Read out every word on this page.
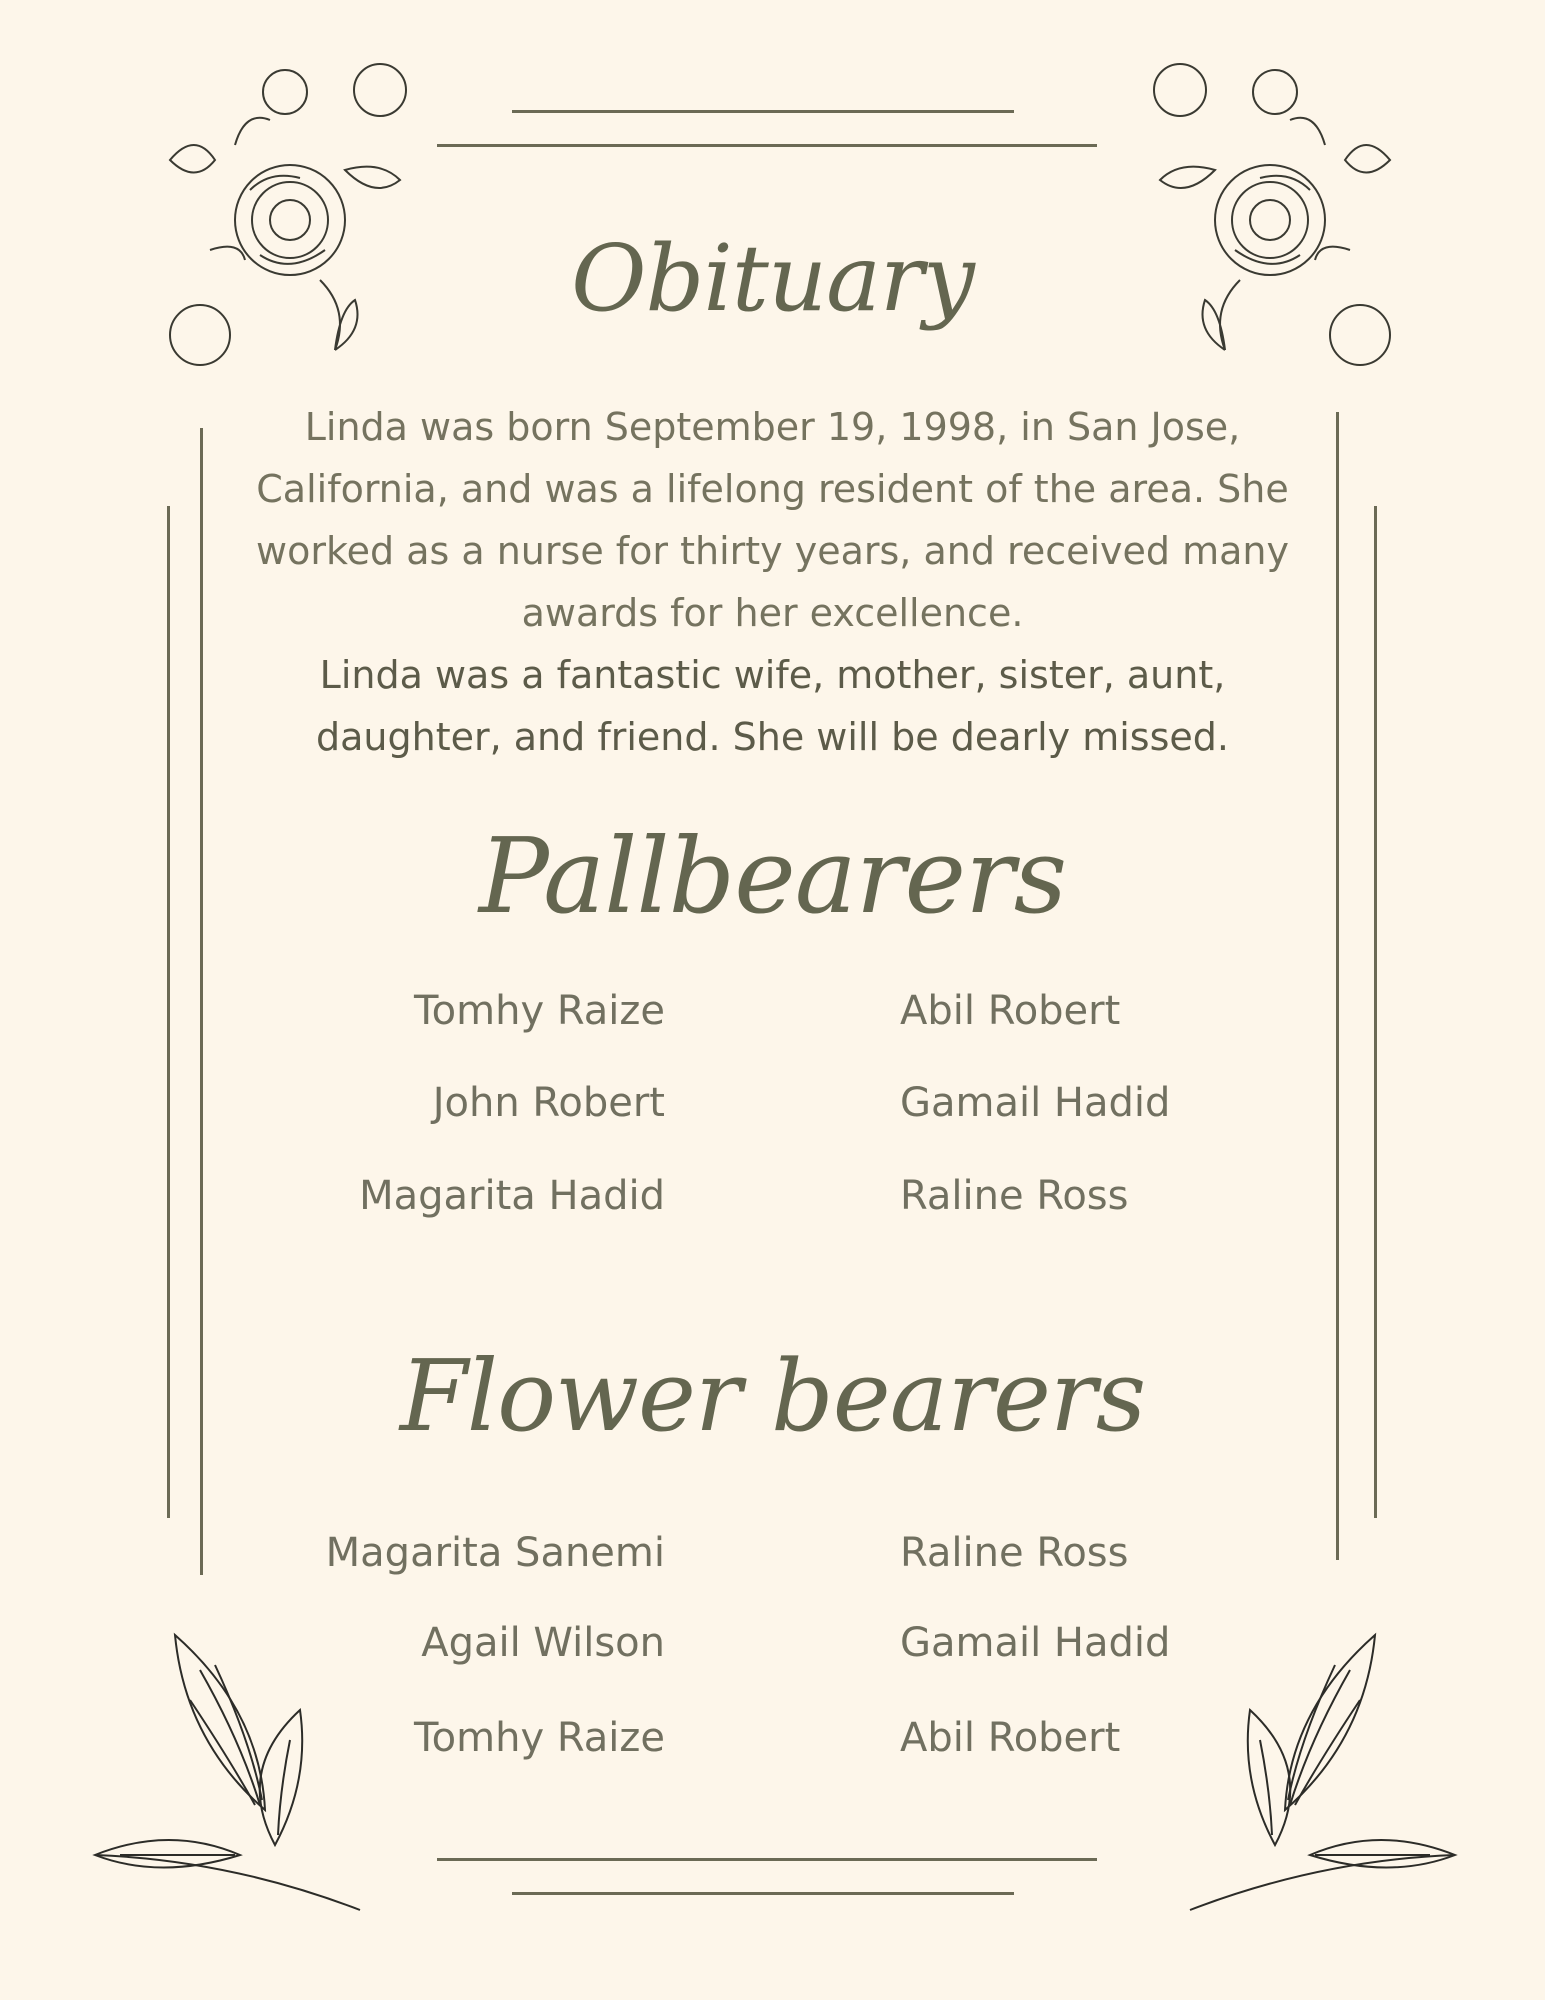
Obituary
Linda was born September 19, 1998, in San Jose, California, and was a lifelong resident of the area. She worked as a nurse for thirty years, and received many awards for her excellence.
Linda was a fantastic wife, mother, sister, aunt, daughter, and friend. She will be dearly missed.
Pallbearers
Tomhy Raize
John Robert
Magarita Hadid
Abil Robert
Gamail Hadid
Raline Ross
Flower bearers
Magarita Sanemi
Agail Wilson
Tomhy Raize
Raline Ross
Gamail Hadid
Abil Robert
